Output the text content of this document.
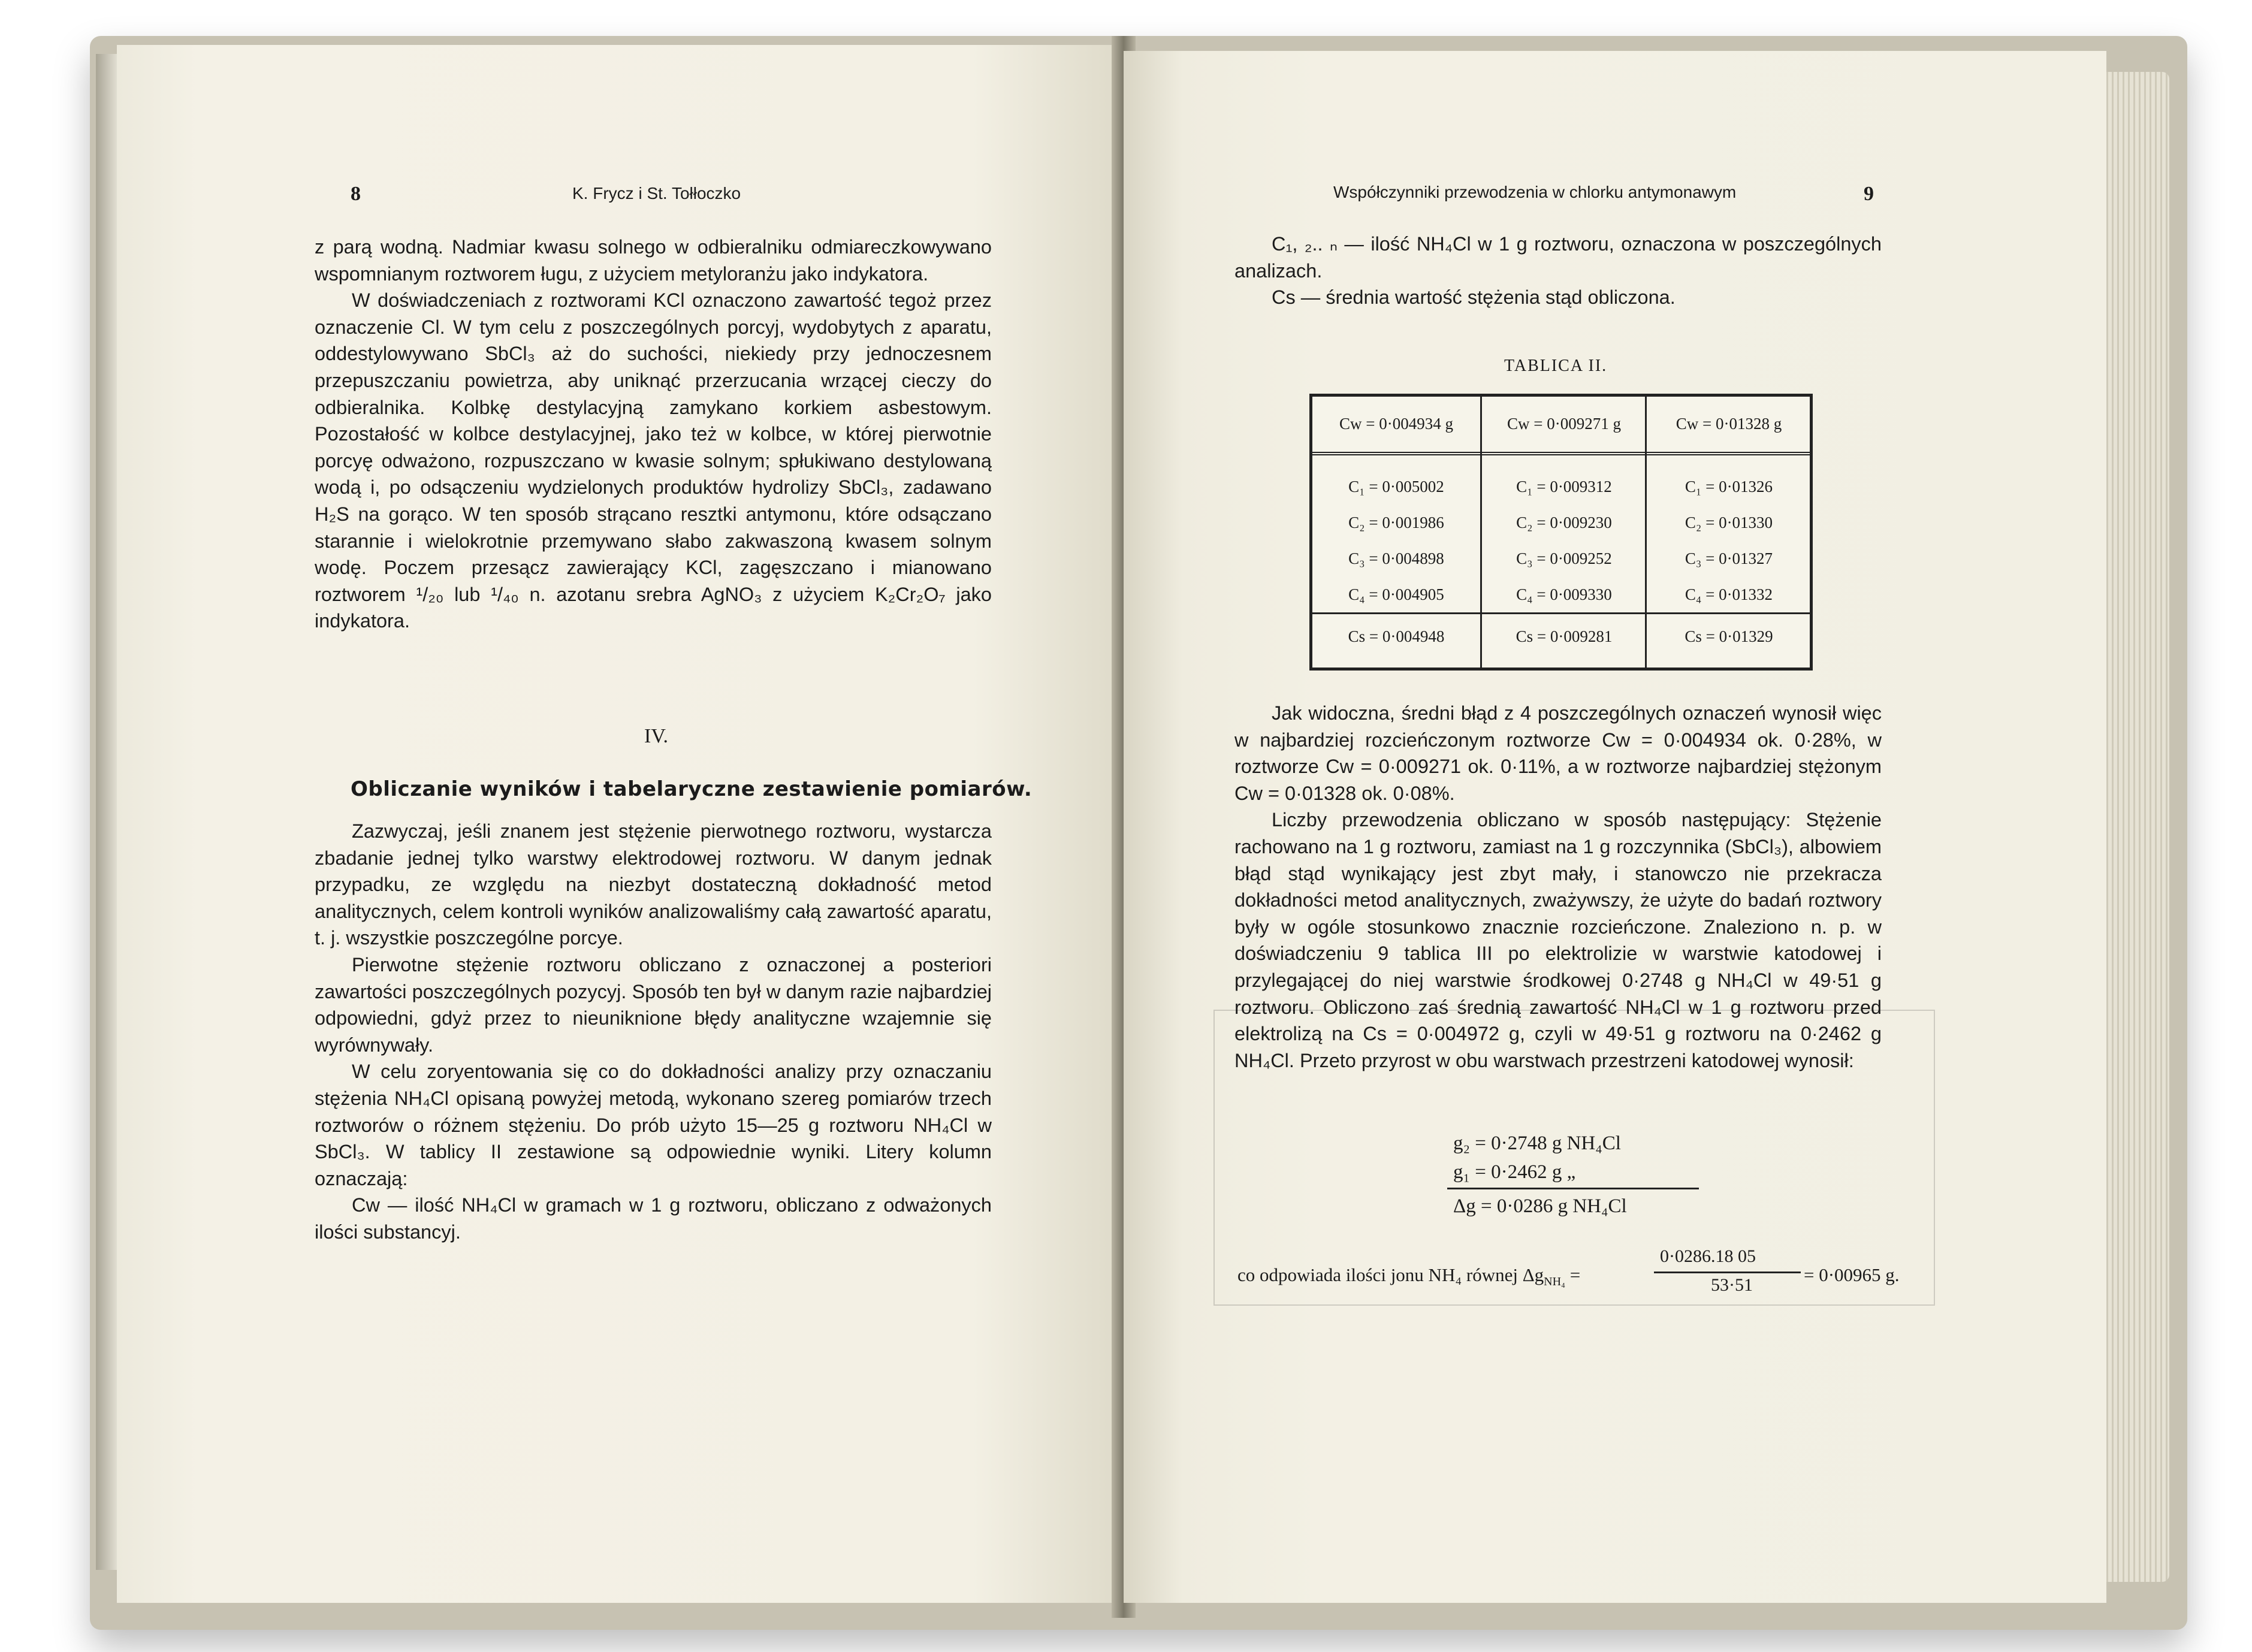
8	K. Frycz i St. Tołłoczko

z parą wodną. Nadmiar kwasu solnego w odbieralniku odmiareczkowywano wspomnianym roztworem ługu, z użyciem metyloranżu jako indykatora.

W doświadczeniach z roztworami KCl oznaczono zawartość tegoż przez oznaczenie Cl. W tym celu z poszczególnych porcyj, wydobytych z aparatu, oddestylowywano SbCl₃ aż do suchości, niekiedy przy jednoczesnem przepuszczaniu powietrza, aby uniknąć przerzucania wrzącej cieczy do odbieralnika. Kolbkę destylacyjną zamykano korkiem asbestowym. Pozostałość w kolbce destylacyjnej, jako też w kolbce, w której pierwotnie porcyę odważono, rozpuszczano w kwasie solnym; spłukiwano destylowaną wodą i, po odsączeniu wydzielonych produktów hydrolizy SbCl₃, zadawano H₂S na gorąco. W ten sposób strącano resztki antymonu, które odsączano starannie i wielokrotnie przemywano słabo zakwaszoną kwasem solnym wodę. Poczem przesącz zawierający KCl, zagęszczano i mianowano roztworem ¹/₂₀ lub ¹/₄₀ n. azotanu srebra AgNO₃ z użyciem K₂Cr₂O₇ jako indykatora.

IV.
Obliczanie wyników i tabelaryczne zestawienie pomiarów.

Zazwyczaj, jeśli znanem jest stężenie pierwotnego roztworu, wystarcza zbadanie jednej tylko warstwy elektrodowej roztworu. W danym jednak przypadku, ze względu na niezbyt dostateczną dokładność metod analitycznych, celem kontroli wyników analizowaliśmy całą zawartość aparatu, t. j. wszystkie poszczególne porcye.

Pierwotne stężenie roztworu obliczano z oznaczonej a posteriori zawartości poszczególnych pozycyj. Sposób ten był w danym razie najbardziej odpowiedni, gdyż przez to nieuniknione błędy analityczne wzajemnie się wyrównywały.

W celu zoryentowania się co do dokładności analizy przy oznaczaniu stężenia NH₄Cl opisaną powyżej metodą, wykonano szereg pomiarów trzech roztworów o różnem stężeniu. Do prób użyto 15—25 g roztworu NH₄Cl w SbCl₃. W tablicy II zestawione są odpowiednie wyniki. Litery kolumn oznaczają:

Cw — ilość NH₄Cl w gramach w 1 g roztworu, obliczano z odważonych ilości substancyj.

Współczynniki przewodzenia w chlorku antymonawym	9

C₁, ₂.. ₙ — ilość NH₄Cl w 1 g roztworu, oznaczona w poszczególnych analizach.

Cs — średnia wartość stężenia stąd obliczona.

TABLICA II.
Cw = 0·004934 g	Cw = 0·009271 g	Cw = 0·01328 g
C₁ = 0·005002	C₁ = 0·009312	C₁ = 0·01326
C₂ = 0·001986	C₂ = 0·009230	C₂ = 0·01330
C₃ = 0·004898	C₃ = 0·009252	C₃ = 0·01327
C₄ = 0·004905	C₄ = 0·009330	C₄ = 0·01332
Cs = 0·004948	Cs = 0·009281	Cs = 0·01329

Jak widoczna, średni błąd z 4 poszczególnych oznaczeń wynosił więc w najbardziej rozcieńczonym roztworze Cw = 0·004934 ok. 0·28%, w roztworze Cw = 0·009271 ok. 0·11%, a w roztworze najbardziej stężonym Cw = 0·01328 ok. 0·08%.

Liczby przewodzenia obliczano w sposób następujący: Stężenie rachowano na 1 g roztworu, zamiast na 1 g rozczynnika (SbCl₃), albowiem błąd stąd wynikający jest zbyt mały, i stanowczo nie przekracza dokładności metod analitycznych, zważywszy, że użyte do badań roztwory były w ogóle stosunkowo znacznie rozcieńczone. Znaleziono n. p. w doświadczeniu 9 tablica III po elektrolizie w warstwie katodowej i przylegającej do niej warstwie środkowej 0·2748 g NH₄Cl w 49·51 g roztworu. Obliczono zaś średnią zawartość NH₄Cl w 1 g roztworu przed elektrolizą na Cs = 0·004972 g, czyli w 49·51 g roztworu na 0·2462 g NH₄Cl. Przeto przyrost w obu warstwach przestrzeni katodowej wynosił:

g₂ = 0·2748 g NH₄Cl
g₁ = 0·2462 g „
Δg = 0·0286 g NH₄Cl
co odpowiada ilości jonu NH₄ równej $\Delta g_{NH_4}$ =
0·0286.18 05
53·51	= 0·00965 g.
